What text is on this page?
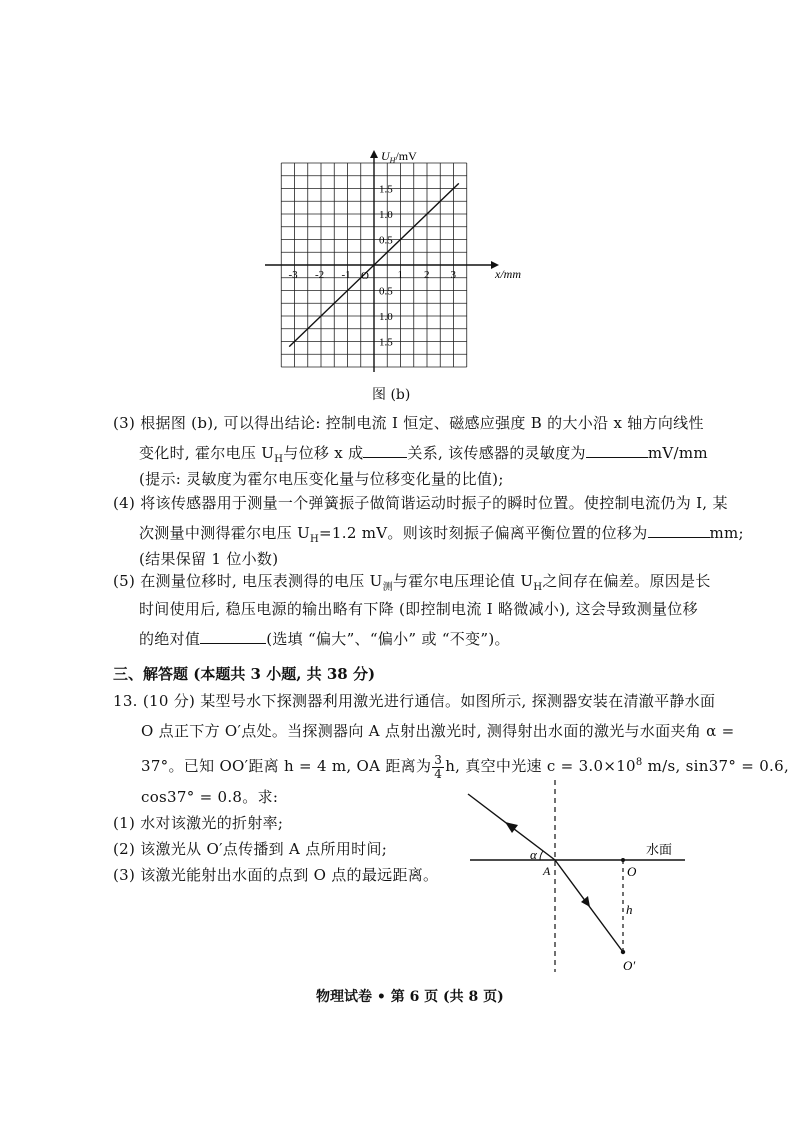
-3 -2 -1	1 2 3
1.5
1.0
0.5
0.5
1.0
1.5
O
$U_H/mV$
x/mm
图 (b)
(3) 根据图 (b), 可以得出结论: 控制电流 I 恒定、磁感应强度 B 的大小沿 x 轴方向线性
变化时, 霍尔电压 $U_H$与位移 x 成	关系, 该传感器的灵敏度为	mV/mm
(提示: 灵敏度为霍尔电压变化量与位移变化量的比值);
(4) 将该传感器用于测量一个弹簧振子做简谐运动时振子的瞬时位置。使控制电流仍为 I, 某
次测量中测得霍尔电压 $U_H=1.2$ mV。则该时刻振子偏离平衡位置的位移为	mm;
(结果保留 1 位小数)
(5) 在测量位移时, 电压表测得的电压 $U_测$与霍尔电压理论值 $U_H$之间存在偏差。原因是长
时间使用后, 稳压电源的输出略有下降 (即控制电流 I 略微减小), 这会导致测量位移
的绝对值	(选填 “偏大”、“偏小” 或 “不变”)。
三、解答题 (本题共 3 小题, 共 38 分)
13. (10 分) 某型号水下探测器利用激光进行通信。如图所示, 探测器安装在清澈平静水面
O 点正下方 O′点处。当探测器向 A 点射出激光时, 测得射出水面的激光与水面夹角 α =
37°。已知 OO′距离 h = 4 m, OA 距离为 $\frac{3}{4} h$, 真空中光速 $c = 3.0\times 10^8$ m/s, sin37° = 0.6,
cos37° = 0.8。求:
(1) 水对该激光的折射率;
(2) 该激光从 O′点传播到 A 点所用时间;
(3) 该激光能射出水面的点到 O 点的最远距离。
α
A	O
h
O′
水面
物理试卷 • 第 6 页 (共 8 页)
